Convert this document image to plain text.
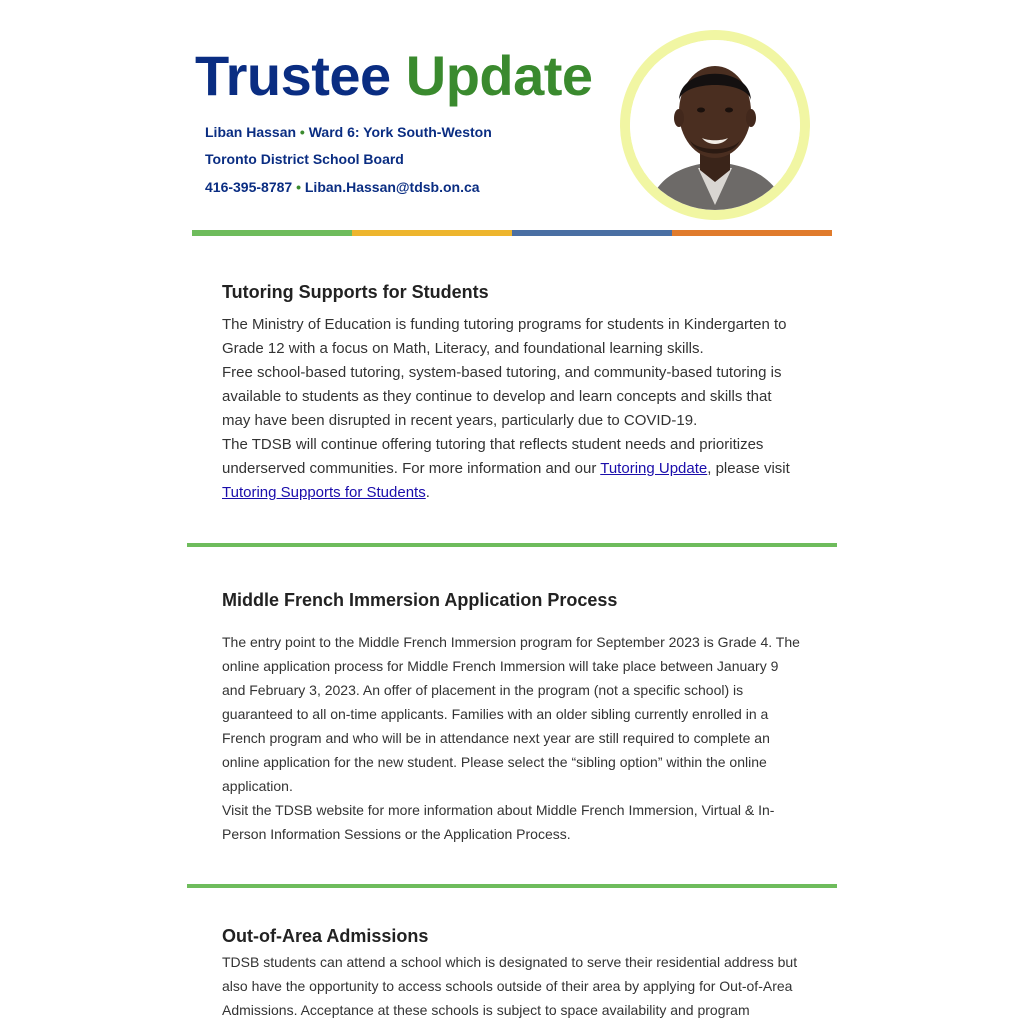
Trustee Update
Liban Hassan • Ward 6: York South-Weston
Toronto District School Board
416-395-8787 • Liban.Hassan@tdsb.on.ca
Tutoring Supports for Students

The Ministry of Education is funding tutoring programs for students in Kindergarten to Grade 12 with a focus on Math, Literacy, and foundational learning skills.

Free school-based tutoring, system-based tutoring, and community-based tutoring is available to students as they continue to develop and learn concepts and skills that may have been disrupted in recent years, particularly due to COVID-19.

The TDSB will continue offering tutoring that reflects student needs and prioritizes underserved communities. For more information and our Tutoring Update, please visit Tutoring Supports for Students.

Middle French Immersion Application Process

The entry point to the Middle French Immersion program for September 2023 is Grade 4. The online application process for Middle French Immersion will take place between January 9 and February 3, 2023. An offer of placement in the program (not a specific school) is guaranteed to all on-time applicants. Families with an older sibling currently enrolled in a French program and who will be in attendance next year are still required to complete an online application for the new student. Please select the “sibling option” within the online application.

Visit the TDSB website for more information about Middle French Immersion, Virtual & In-Person Information Sessions or the Application Process.

Out-of-Area Admissions

TDSB students can attend a school which is designated to serve their residential address but also have the opportunity to access schools outside of their area by applying for Out-of-Area Admissions. Acceptance at these schools is subject to space availability and program
